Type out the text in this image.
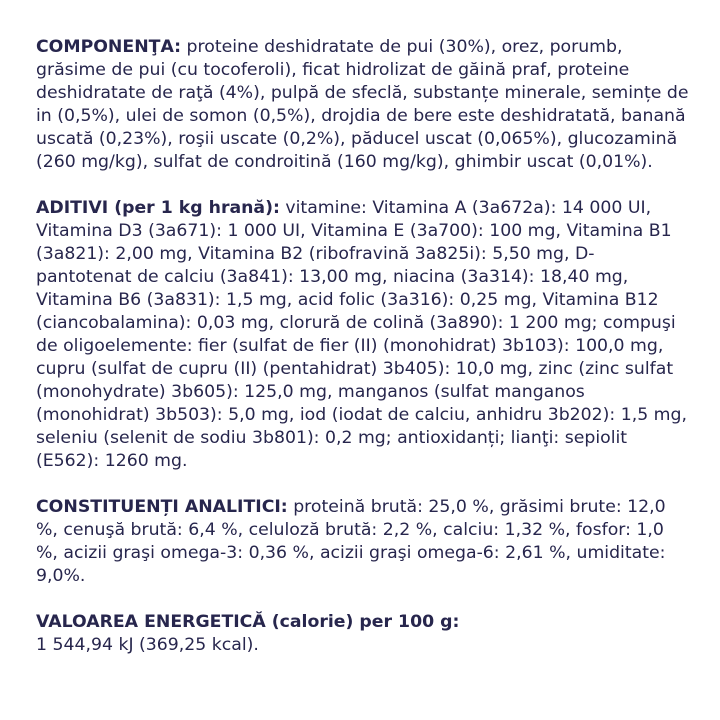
COMPONENŢA: proteine deshidratate de pui (30%), orez, porumb, grăsime de pui (cu tocoferoli), ficat hidrolizat de găină praf, proteine deshidratate de raţă (4%), pulpă de sfeclă, substanțe minerale, semințe de in (0,5%), ulei de somon (0,5%), drojdia de bere este deshidratată, banană uscată (0,23%), roşii uscate (0,2%), păducel uscat (0,065%), glucozamină (260 mg/kg), sulfat de condroitină (160 mg/kg), ghimbir uscat (0,01%).

ADITIVI (per 1 kg hrană): vitamine: Vitamina A (3a672a): 14 000 UI, Vitamina D3 (3a671): 1 000 UI, Vitamina E (3a700): 100 mg, Vitamina B1 (3a821): 2,00 mg, Vitamina B2 (ribofravină 3a825i): 5,50 mg, D-pantotenat de calciu (3a841): 13,00 mg, niacina (3a314): 18,40 mg, Vitamina B6 (3a831): 1,5 mg, acid folic (3a316): 0,25 mg, Vitamina B12 (ciancobalamina): 0,03 mg, clorură de colină (3a890): 1 200 mg; compuşi de oligoelemente: fier (sulfat de fier (II) (monohidrat) 3b103): 100,0 mg, cupru (sulfat de cupru (II) (pentahidrat) 3b405): 10,0 mg, zinc (zinc sulfat (monohydrate) 3b605): 125,0 mg, manganos (sulfat manganos (monohidrat) 3b503): 5,0 mg, iod (iodat de calciu, anhidru 3b202): 1,5 mg, seleniu (selenit de sodiu 3b801): 0,2 mg; antioxidanți; lianţi: sepiolit (E562): 1260 mg.

CONSTITUENȚI ANALITICI: proteină brută: 25,0 %, grăsimi brute: 12,0 %, cenuşă brută: 6,4 %, celuloză brută: 2,2 %, calciu: 1,32 %, fosfor: 1,0 %, acizii graşi omega-3: 0,36 %, acizii graşi omega-6: 2,61 %, umiditate: 9,0%.

VALOAREA ENERGETICĂ (calorie) per 100 g:
1 544,94 kJ (369,25 kcal).
